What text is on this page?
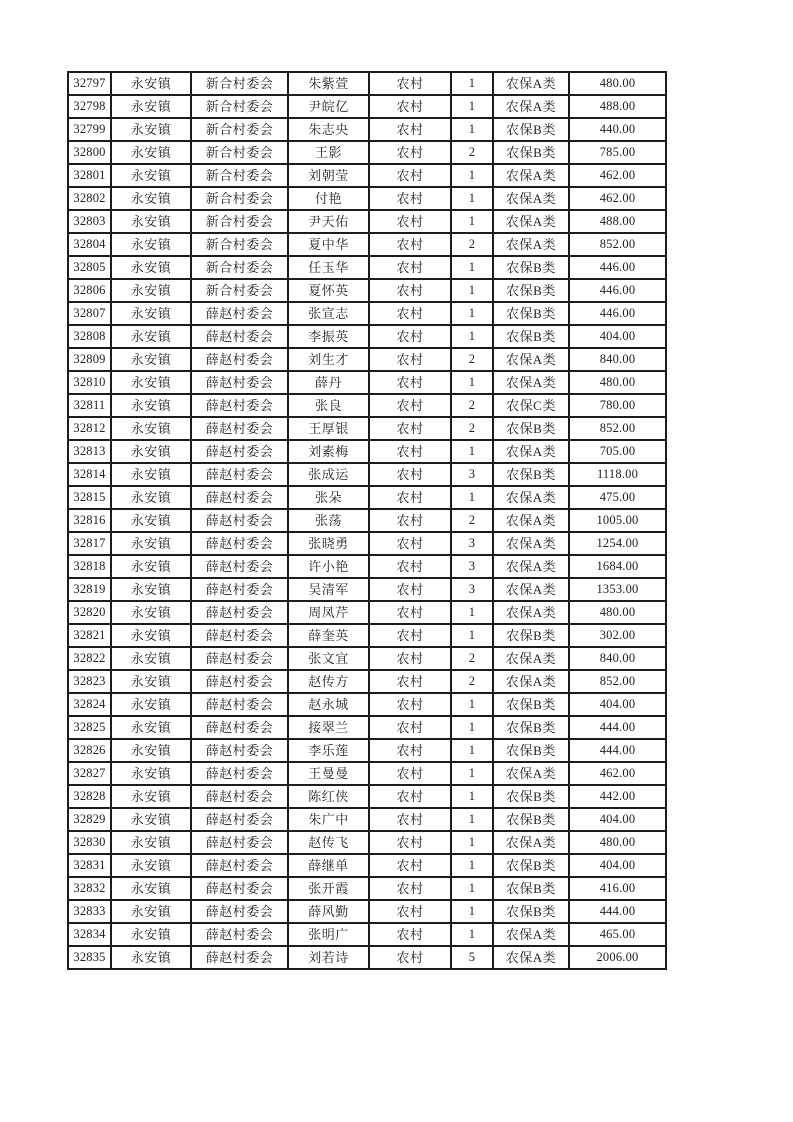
32797	永安镇	新合村委会	朱紫萱	农村	1	农保A类	480.00
32798	永安镇	新合村委会	尹皖亿	农村	1	农保A类	488.00
32799	永安镇	新合村委会	朱志央	农村	1	农保B类	440.00
32800	永安镇	新合村委会	王影	农村	2	农保B类	785.00
32801	永安镇	新合村委会	刘朝莹	农村	1	农保A类	462.00
32802	永安镇	新合村委会	付艳	农村	1	农保A类	462.00
32803	永安镇	新合村委会	尹天佑	农村	1	农保A类	488.00
32804	永安镇	新合村委会	夏中华	农村	2	农保A类	852.00
32805	永安镇	新合村委会	任玉华	农村	1	农保B类	446.00
32806	永安镇	新合村委会	夏怀英	农村	1	农保B类	446.00
32807	永安镇	薛赵村委会	张宣志	农村	1	农保B类	446.00
32808	永安镇	薛赵村委会	李振英	农村	1	农保B类	404.00
32809	永安镇	薛赵村委会	刘生才	农村	2	农保A类	840.00
32810	永安镇	薛赵村委会	薛丹	农村	1	农保A类	480.00
32811	永安镇	薛赵村委会	张良	农村	2	农保C类	780.00
32812	永安镇	薛赵村委会	王厚银	农村	2	农保B类	852.00
32813	永安镇	薛赵村委会	刘素梅	农村	1	农保A类	705.00
32814	永安镇	薛赵村委会	张成运	农村	3	农保B类	1118.00
32815	永安镇	薛赵村委会	张朵	农村	1	农保A类	475.00
32816	永安镇	薛赵村委会	张荡	农村	2	农保A类	1005.00
32817	永安镇	薛赵村委会	张晓勇	农村	3	农保A类	1254.00
32818	永安镇	薛赵村委会	许小艳	农村	3	农保A类	1684.00
32819	永安镇	薛赵村委会	吴清军	农村	3	农保A类	1353.00
32820	永安镇	薛赵村委会	周凤芹	农村	1	农保A类	480.00
32821	永安镇	薛赵村委会	薛奎英	农村	1	农保B类	302.00
32822	永安镇	薛赵村委会	张文宜	农村	2	农保A类	840.00
32823	永安镇	薛赵村委会	赵传方	农村	2	农保A类	852.00
32824	永安镇	薛赵村委会	赵永城	农村	1	农保B类	404.00
32825	永安镇	薛赵村委会	接翠兰	农村	1	农保B类	444.00
32826	永安镇	薛赵村委会	李乐莲	农村	1	农保B类	444.00
32827	永安镇	薛赵村委会	王曼曼	农村	1	农保A类	462.00
32828	永安镇	薛赵村委会	陈红侠	农村	1	农保B类	442.00
32829	永安镇	薛赵村委会	朱广中	农村	1	农保B类	404.00
32830	永安镇	薛赵村委会	赵传飞	农村	1	农保A类	480.00
32831	永安镇	薛赵村委会	薛继单	农村	1	农保B类	404.00
32832	永安镇	薛赵村委会	张开霞	农村	1	农保B类	416.00
32833	永安镇	薛赵村委会	薛风勤	农村	1	农保B类	444.00
32834	永安镇	薛赵村委会	张明广	农村	1	农保A类	465.00
32835	永安镇	薛赵村委会	刘若诗	农村	5	农保A类	2006.00
